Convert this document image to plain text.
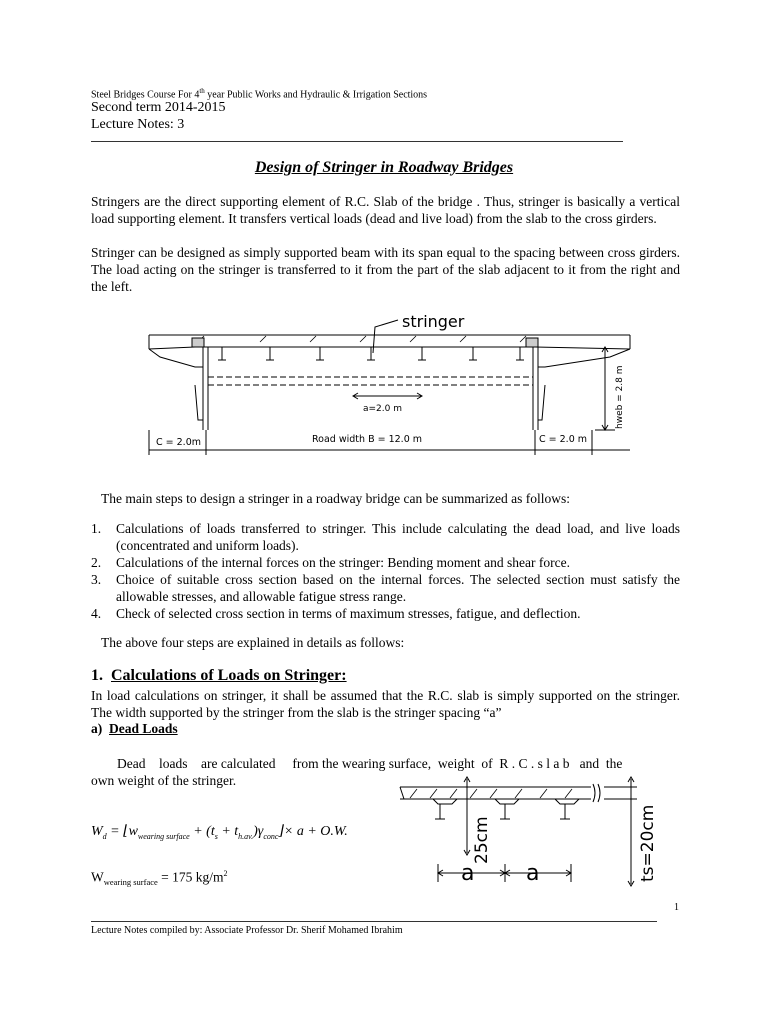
Steel Bridges Course For 4th year Public Works and Hydraulic & Irrigation Sections
Second term 2014-2015
Lecture Notes: 3
Design of Stringer in Roadway Bridges
Stringers are the direct supporting element of R.C. Slab of the bridge . Thus, stringer is basically a vertical load supporting element. It transfers vertical loads (dead and live load) from the slab to the cross girders.
Stringer can be designed as simply supported beam with its span equal to the spacing between cross girders. The load acting on the stringer is transferred to it from the part of the slab adjacent to it from the right and the left.
stringer
a=2.0 m
Road width B = 12.0 m
C = 2.0m	C = 2.0 m
hweb = 2.8 m
The main steps to design a stringer in a roadway bridge can be summarized as follows:
1. Calculations of loads transferred to stringer. This include calculating the dead load, and live loads (concentrated and uniform loads).
2. Calculations of the internal forces on the stringer: Bending moment and shear force.
3. Choice of suitable cross section based on the internal forces. The selected section must satisfy the allowable stresses, and allowable fatigue stress range.
4. Check of selected cross section in terms of maximum stresses, fatigue, and deflection.
The above four steps are explained in details as follows:
1. Calculations of Loads on Stringer:
In load calculations on stringer, it shall be assumed that the R.C. slab is simply supported on the stringer. The width supported by the stringer from the slab is the stringer spacing “a”
a) Dead Loads
Dead    loads    are calculated     from the wearing surface,  weight  of  R . C . s l a b   and  the
own weight of the stringer.
$W_d$ = $⌊w_{wearing surface} + (t_s$ + $t_{h.av.})\gamma_{conc}⌋\times a + O.W$.
$W_{wearing surface} = 175$ $kg/m^2$	a a
25cm	ts=20cm
1
Lecture Notes compiled by: Associate Professor Dr. Sherif Mohamed Ibrahim
